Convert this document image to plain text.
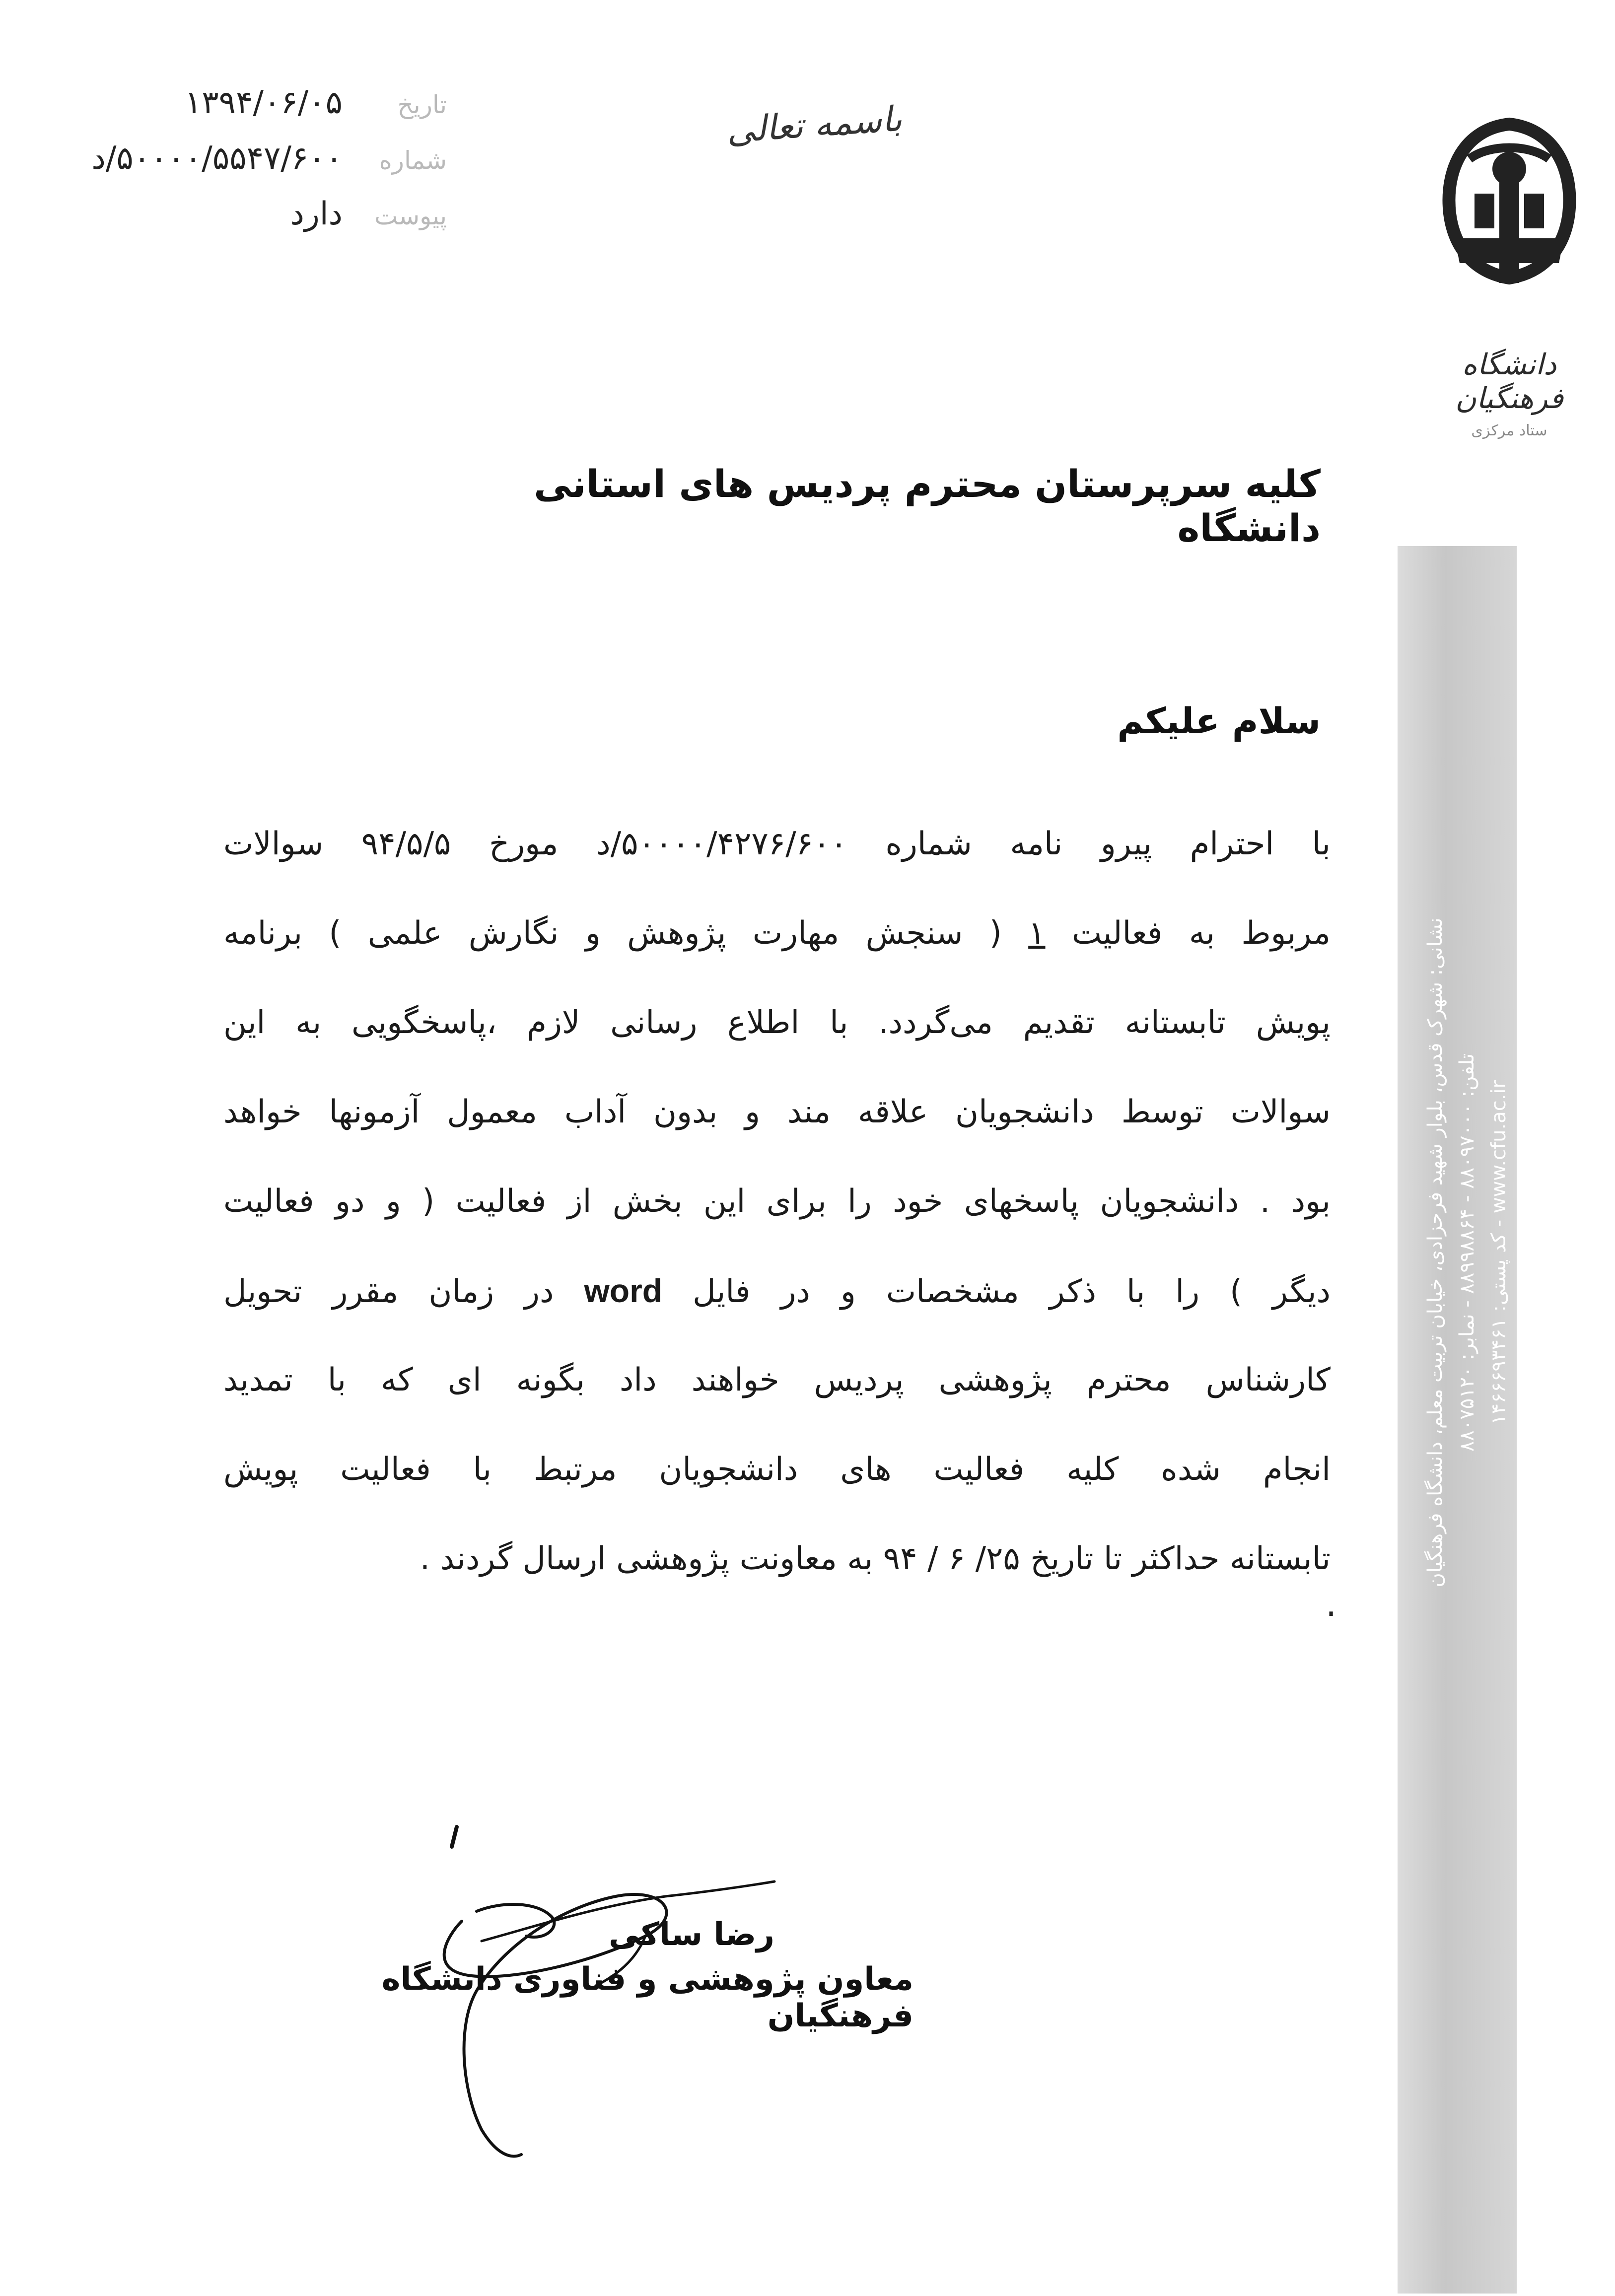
تاریخ
۱۳۹۴/۰۶/۰۵
شماره
۵۰۰۰۰/۵۵۴۷/۶۰۰/د
پیوست
دارد
باسمه تعالی
دانشگاه فرهنگیان
ستاد مرکزی
نشانی: شهرک قدس، بلوار شهید فرحزادی، خیابان تربیت معلم، دانشگاه فرهنگیان تلفن: ۸۸۰۹۷۰۰۰ - ۸۸۹۹۸۸۶۴ - نمابر: ۸۸۰۷۵۱۲۰
www.cfu.ac.ir - کد پستی: ۱۴۶۶۶۹۳۴۶۱
کلیه سرپرستان محترم پردیس های استانی دانشگاه
سلام علیکم
با احترام پیرو نامه شماره ۵۰۰۰۰/۴۲۷۶/۶۰۰/د مورخ ۹۴/۵/۵ سوالات
مربوط به فعالیت ۱ ( سنجش مهارت پژوهش و نگارش علمی ) برنامه
پویش تابستانه تقدیم می‌گردد. با اطلاع رسانی لازم ،پاسخگویی به این
سوالات توسط دانشجویان علاقه مند و بدون آداب معمول آزمونها خواهد
بود . دانشجویان پاسخهای خود را برای این بخش از فعالیت ( و دو فعالیت
دیگر ) را با ذکر مشخصات و در فایل word در زمان مقرر تحویل
کارشناس محترم پژوهشی پردیس خواهند داد بگونه ای که با تمدید
انجام شده کلیه فعالیت های دانشجویان مرتبط با فعالیت پویش
تابستانه حداکثر تا تاریخ ۲۵/ ۶ / ۹۴ به معاونت پژوهشی ارسال گردند .
.
رضا ساکی
معاون پژوهشی و فناوری دانشگاه فرهنگیان
